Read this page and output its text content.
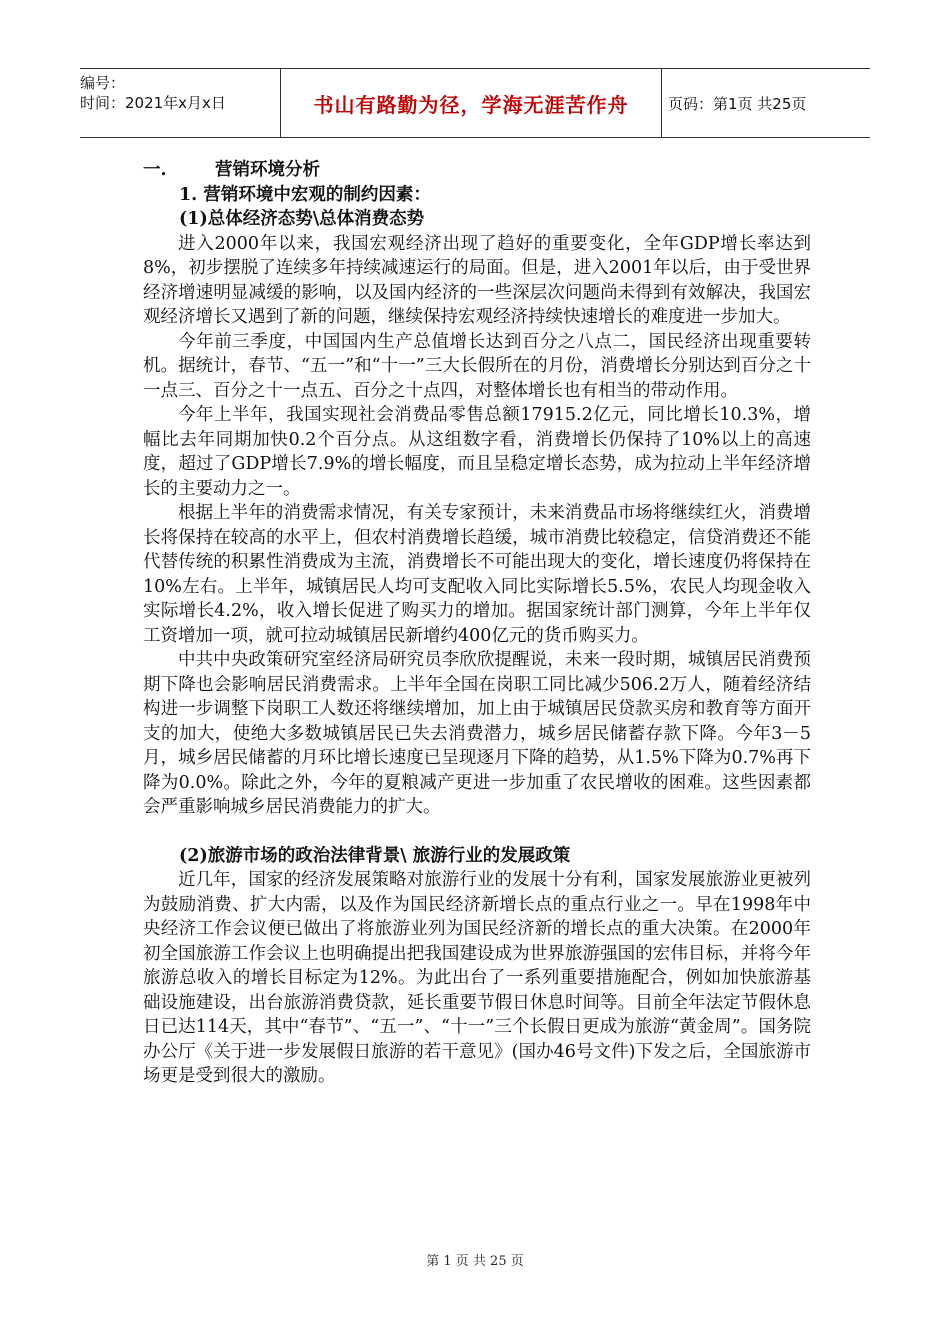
编号：
时间：2021年x月x日	书山有路勤为径，学海无涯苦作舟	页码：第1页 共25页
一.	营销环境分析
1. 营销环境中宏观的制约因素：
(1)总体经济态势\总体消费态势

进入2000年以来，我国宏观经济出现了趋好的重要变化，全年GDP增长率达到8%，初步摆脱了连续多年持续减速运行的局面。但是，进入2001年以后，由于受世界经济增速明显减缓的影响，以及国内经济的一些深层次问题尚未得到有效解决，我国宏观经济增长又遇到了新的问题，继续保持宏观经济持续快速增长的难度进一步加大。

今年前三季度，中国国内生产总值增长达到百分之八点二，国民经济出现重要转机。据统计，春节、“五一”和“十一”三大长假所在的月份，消费增长分别达到百分之十一点三、百分之十一点五、百分之十点四，对整体增长也有相当的带动作用。

今年上半年，我国实现社会消费品零售总额17915.2亿元，同比增长10.3%，增幅比去年同期加快0.2个百分点。从这组数字看，消费增长仍保持了10%以上的高速度，超过了GDP增长7.9%的增长幅度，而且呈稳定增长态势，成为拉动上半年经济增长的主要动力之一。

根据上半年的消费需求情况，有关专家预计，未来消费品市场将继续红火，消费增长将保持在较高的水平上，但农村消费增长趋缓，城市消费比较稳定，信贷消费还不能代替传统的积累性消费成为主流，消费增长不可能出现大的变化，增长速度仍将保持在10%左右。上半年，城镇居民人均可支配收入同比实际增长5.5%，农民人均现金收入实际增长4.2%，收入增长促进了购买力的增加。据国家统计部门测算，今年上半年仅工资增加一项，就可拉动城镇居民新增约400亿元的货币购买力。

中共中央政策研究室经济局研究员李欣欣提醒说，未来一段时期，城镇居民消费预期下降也会影响居民消费需求。上半年全国在岗职工同比减少506.2万人，随着经济结构进一步调整下岗职工人数还将继续增加，加上由于城镇居民贷款买房和教育等方面开支的加大，使绝大多数城镇居民已失去消费潜力，城乡居民储蓄存款下降。今年3－5月，城乡居民储蓄的月环比增长速度已呈现逐月下降的趋势，从1.5%下降为0.7%再下降为0.0%。除此之外，今年的夏粮减产更进一步加重了农民增收的困难。这些因素都会严重影响城乡居民消费能力的扩大。

(2)旅游市场的政治法律背景\ 旅游行业的发展政策

近几年，国家的经济发展策略对旅游行业的发展十分有利，国家发展旅游业更被列为鼓励消费、扩大内需，以及作为国民经济新增长点的重点行业之一。早在1998年中央经济工作会议便已做出了将旅游业列为国民经济新的增长点的重大决策。在2000年初全国旅游工作会议上也明确提出把我国建设成为世界旅游强国的宏伟目标，并将今年旅游总收入的增长目标定为12%。为此出台了一系列重要措施配合，例如加快旅游基础设施建设，出台旅游消费贷款，延长重要节假日休息时间等。目前全年法定节假休息日已达114天，其中“春节”、“五一”、“十一”三个长假日更成为旅游“黄金周”。国务院办公厅《关于进一步发展假日旅游的若干意见》(国办46号文件)下发之后，全国旅游市场更是受到很大的激励。

第 1 页 共 25 页
